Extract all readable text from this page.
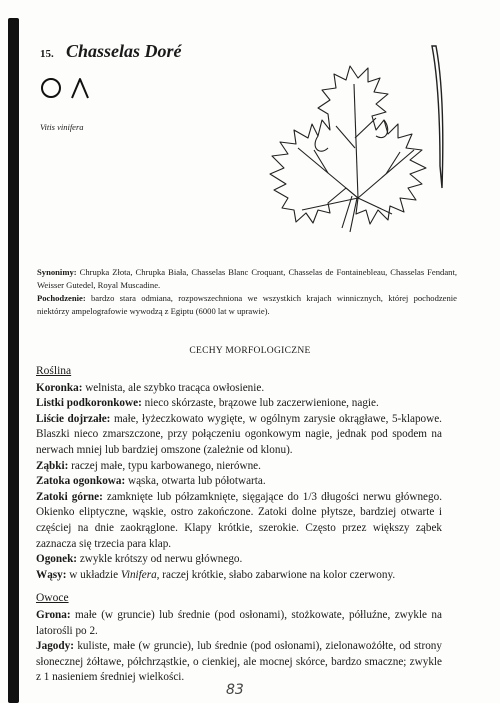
15. Chasselas Doré
Vitis vinifera

Synonimy: Chrupka Złota, Chrupka Biała, Chasselas Blanc Croquant, Chasselas de Fontainebleau, Chasselas Fendant, Weisser Gutedel, Royal Muscadine.

Pochodzenie: bardzo stara odmiana, rozpowszechniona we wszystkich krajach winnicznych, której pochodzenie niektórzy ampelografowie wywodzą z Egiptu (6000 lat w uprawie).

CECHY MORFOLOGICZNE

Roślina

Koronka: welnista, ale szybko tracąca owłosienie.

Listki podkoronkowe: nieco skórzaste, brązowe lub zaczerwienione, nagie.

Liście dojrzałe: małe, łyżeczkowato wygięte, w ogólnym zarysie okrągławe, 5-klapowe. Blaszki nieco zmarszczone, przy połączeniu ogonkowym nagie, jednak pod spodem na nerwach mniej lub bardziej omszone (zależnie od klonu).

Ząbki: raczej małe, typu karbowanego, nierówne.

Zatoka ogonkowa: wąska, otwarta lub półotwarta.

Zatoki górne: zamknięte lub półzamknięte, sięgające do 1/3 długości nerwu głównego. Okienko eliptyczne, wąskie, ostro zakończone. Zatoki dolne płytsze, bardziej otwarte i częściej na dnie zaokrąglone. Klapy krótkie, szerokie. Często przez większy ząbek zaznacza się trzecia para klap.

Ogonek: zwykle krótszy od nerwu głównego.

Wąsy: w układzie Vinifera, raczej krótkie, słabo zabarwione na kolor czerwony.

Owoce

Grona: małe (w gruncie) lub średnie (pod osłonami), stożkowate, półluźne, zwykle na latorośli po 2.

Jagody: kuliste, małe (w gruncie), lub średnie (pod osłonami), zielonawożółte, od strony słonecznej żółtawe, półchrząstkie, o cienkiej, ale mocnej skórce, bardzo smaczne; zwykle z 1 nasieniem średniej wielkości.

83
